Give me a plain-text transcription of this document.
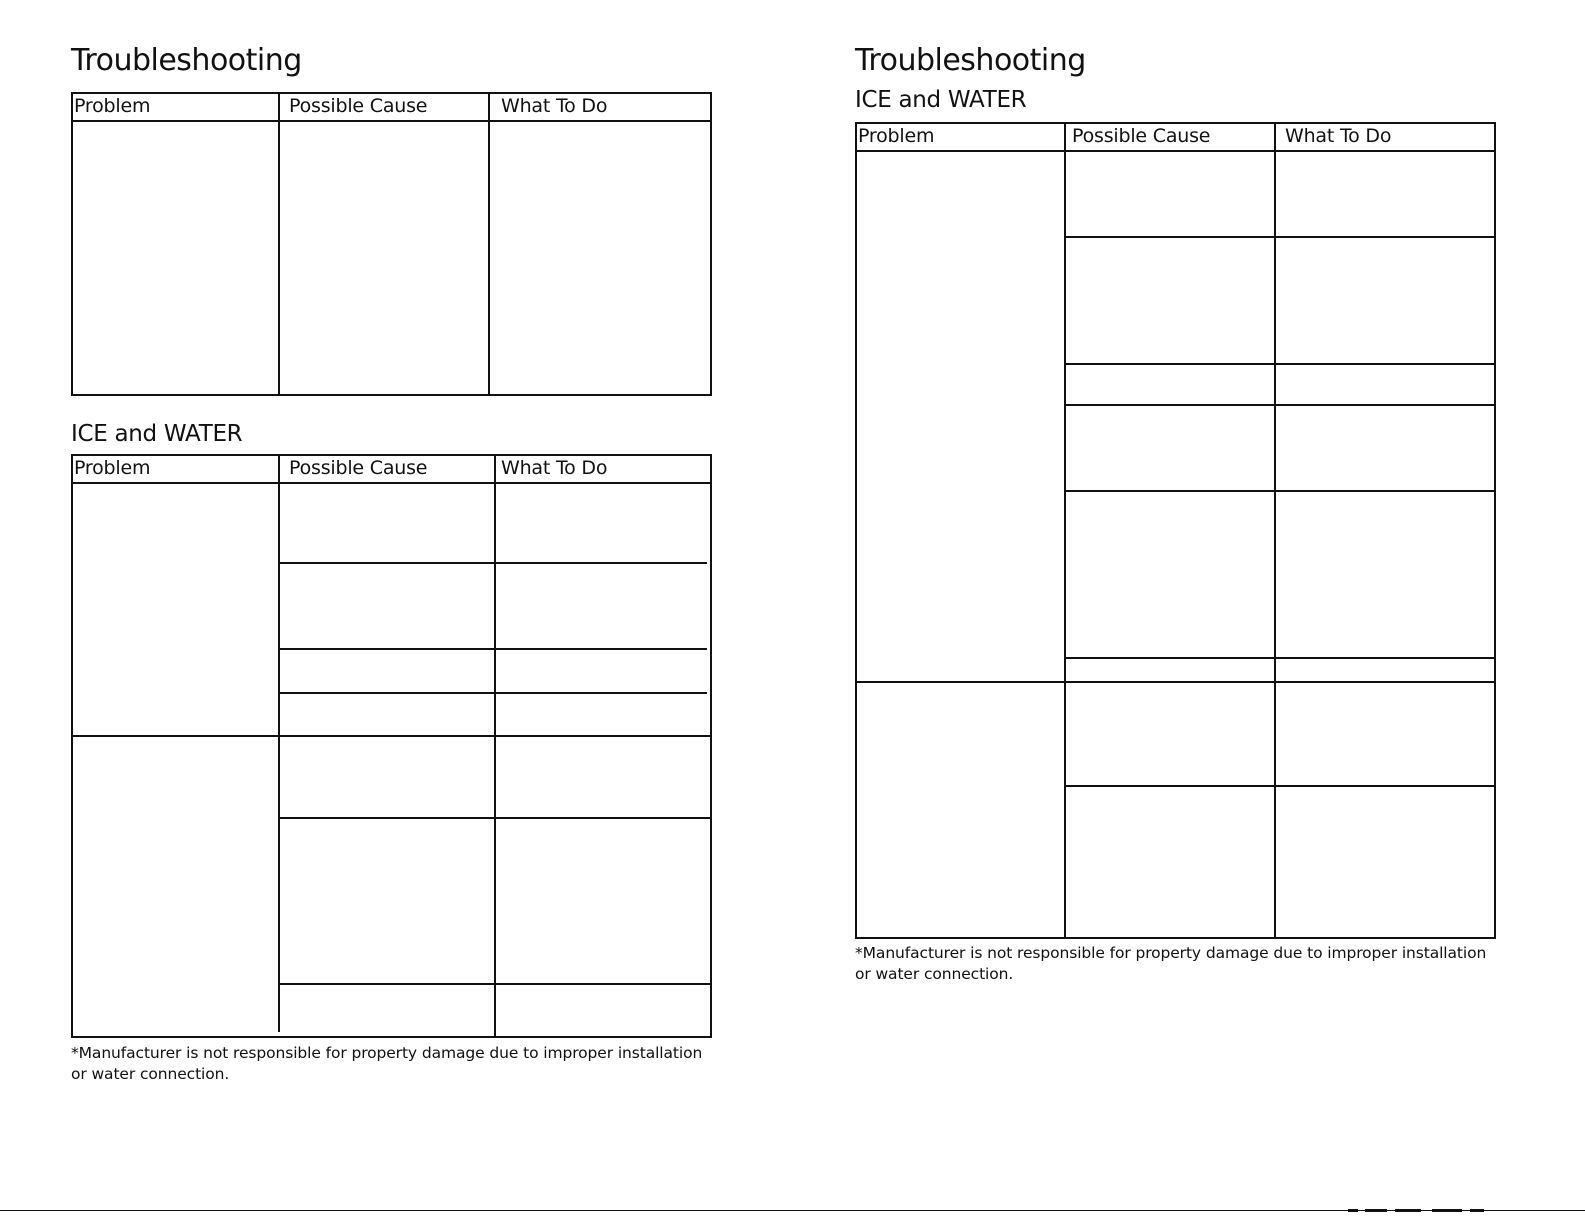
Troubleshooting
Problem	Possible Cause	What To Do
ICE and WATER
Problem	Possible Cause	What To Do

*Manufacturer is not responsible for property damage due to improper installation
or water connection.

Troubleshooting
ICE and WATER
Problem	Possible Cause	What To Do

*Manufacturer is not responsible for property damage due to improper installation
or water connection.
